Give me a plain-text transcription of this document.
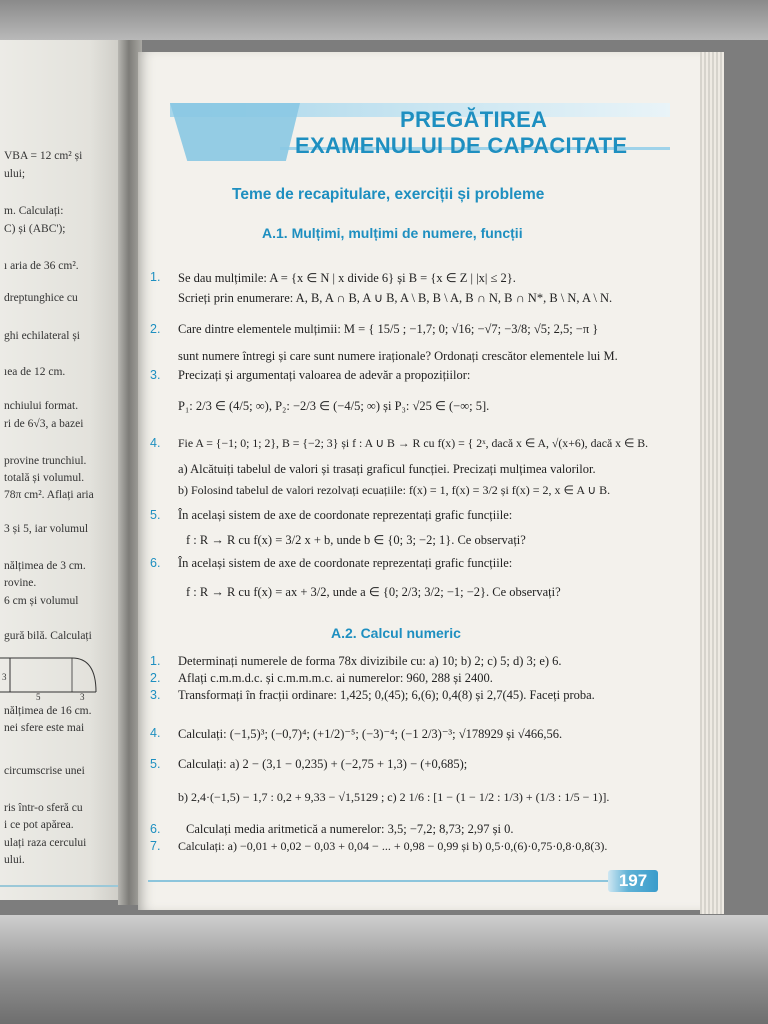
VBA = 12 cm² și
ului;
m. Calculați:
C) și (ABC');
ı aria de 36 cm².
dreptunghice cu
ghi echilateral și
ıea de 12 cm.
nchiului format.
ri de 6√3, a bazei
provine trunchiul.
totală și volumul.
78π cm². Aflați aria
3 și 5, iar volumul
nălțimea de 3 cm.
rovine.
6 cm și volumul
gură bilă. Calculați
3
5	3
nălțimea de 16 cm.
nei sfere este mai
circumscrise unei
ris într-o sferă cu
i ce pot apărea.
ulați raza cercului
ului.
PREGĂTIREA
EXAMENULUI DE CAPACITATE
Teme de recapitulare, exerciții și probleme
A.1. Mulțimi, mulțimi de numere, funcții
1.	Se dau mulțimile: A = {x ∈ N | x divide 6} și B = {x ∈ Z | |x| ≤ 2}.
Scrieți prin enumerare: A, B, A ∩ B, A ∪ B, A \ B, B \ A, B ∩ N, B ∩ N*, B \ N, A \ N.
2.	Care dintre elementele mulțimii: M = { 15/5 ; −1,7; 0; √16; −√7; −3/8; √5; 2,5; −π }
sunt numere întregi și care sunt numere iraționale? Ordonați crescător elementele lui M.
3.	Precizați și argumentați valoarea de adevăr a propozițiilor:
P₁: 2/3 ∈ (4/5; ∞), P₂: −2/3 ∈ (−4/5; ∞) și P₃: √25 ∈ (−∞; 5].
4.	Fie A = {−1; 0; 1; 2}, B = {−2; 3} și f : A ∪ B → R cu f(x) = { 2ˣ, dacă x ∈ A, √(x+6), dacă x ∈ B.
a) Alcătuiți tabelul de valori și trasați graficul funcției. Precizați mulțimea valorilor.
b) Folosind tabelul de valori rezolvați ecuațiile: f(x) = 1, f(x) = 3/2 și f(x) = 2, x ∈ A ∪ B.
5.	În același sistem de axe de coordonate reprezentați grafic funcțiile:
f : R → R cu f(x) = 3/2 x + b, unde b ∈ {0; 3; −2; 1}. Ce observați?
6.	În același sistem de axe de coordonate reprezentați grafic funcțiile:
f : R → R cu f(x) = ax + 3/2, unde a ∈ {0; 2/3; 3/2; −1; −2}. Ce observați?
A.2. Calcul numeric
1.	Determinați numerele de forma 78x divizibile cu: a) 10; b) 2; c) 5; d) 3; e) 6.
2.	Aflați c.m.m.d.c. și c.m.m.m.c. ai numerelor: 960, 288 și 2400.
3.	Transformați în fracții ordinare: 1,425; 0,(45); 6,(6); 0,4(8) și 2,7(45). Faceți proba.
4.	Calculați: (−1,5)³; (−0,7)⁴; (+1/2)⁻⁵; (−3)⁻⁴; (−1 2/3)⁻³; √178929 și √466,56.
5.	Calculați: a) 2 − (3,1 − 0,235) + (−2,75 + 1,3) − (+0,685);
b) 2,4·(−1,5) − 1,7 : 0,2 + 9,33 − √1,5129 ; c) 2 1/6 : [1 − (1 − 1/2 : 1/3) + (1/3 : 1/5 − 1)].
6.	Calculați media aritmetică a numerelor: 3,5; −7,2; 8,73; 2,97 și 0.
7.	Calculați: a) −0,01 + 0,02 − 0,03 + 0,04 − ... + 0,98 − 0,99 și b) 0,5·0,(6)·0,75·0,8·0,8(3).
197
